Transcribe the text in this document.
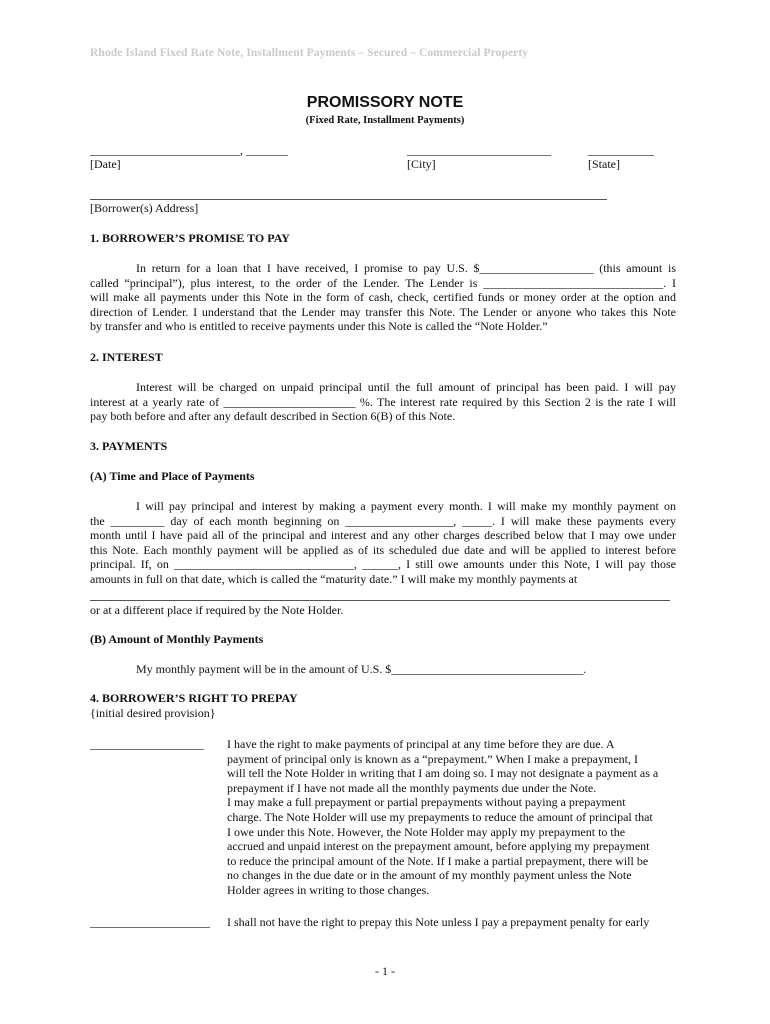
Rhode Island Fixed Rate Note, Installment Payments – Secured – Commercial Property
PROMISSORY NOTE
(Fixed Rate, Installment Payments)
_________________________, _______	________________________	___________
[Date]	[City]	[State]
[Borrower(s) Address]
1. BORROWER’S PROMISE TO PAY
In return for a loan that I have received, I promise to pay U.S. $___________________ (this amount is
called “principal”), plus interest, to the order of the Lender. The Lender is ______________________________. I
will make all payments under this Note in the form of cash, check, certified funds or money order at the option and
direction of Lender. I understand that the Lender may transfer this Note. The Lender or anyone who takes this Note
by transfer and who is entitled to receive payments under this Note is called the “Note Holder.”
2. INTEREST
Interest will be charged on unpaid principal until the full amount of principal has been paid. I will pay
interest at a yearly rate of ______________________ %. The interest rate required by this Section 2 is the rate I will
pay both before and after any default described in Section 6(B) of this Note.
3. PAYMENTS
(A) Time and Place of Payments
I will pay principal and interest by making a payment every month. I will make my monthly payment on
the _________ day of each month beginning on __________________, _____. I will make these payments every
month until I have paid all of the principal and interest and any other charges described below that I may owe under
this Note. Each monthly payment will be applied as of its scheduled due date and will be applied to interest before
principal. If, on ______________________________, ______, I still owe amounts under this Note, I will pay those
amounts in full on that date, which is called the “maturity date.” I will make my monthly payments at
or at a different place if required by the Note Holder.
(B) Amount of Monthly Payments
My monthly payment will be in the amount of U.S. $________________________________.
4. BORROWER’S RIGHT TO PREPAY
{initial desired provision}
___________________ I have the right to make payments of principal at any time before they are due. A
payment of principal only is known as a “prepayment.” When I make a prepayment, I
will tell the Note Holder in writing that I am doing so. I may not designate a payment as a
prepayment if I have not made all the monthly payments due under the Note.
I may make a full prepayment or partial prepayments without paying a prepayment
charge. The Note Holder will use my prepayments to reduce the amount of principal that
I owe under this Note. However, the Note Holder may apply my prepayment to the
accrued and unpaid interest on the prepayment amount, before applying my prepayment
to reduce the principal amount of the Note. If I make a partial prepayment, there will be
no changes in the due date or in the amount of my monthly payment unless the Note
Holder agrees in writing to those changes.
____________________ I shall not have the right to prepay this Note unless I pay a prepayment penalty for early
- 1 -
